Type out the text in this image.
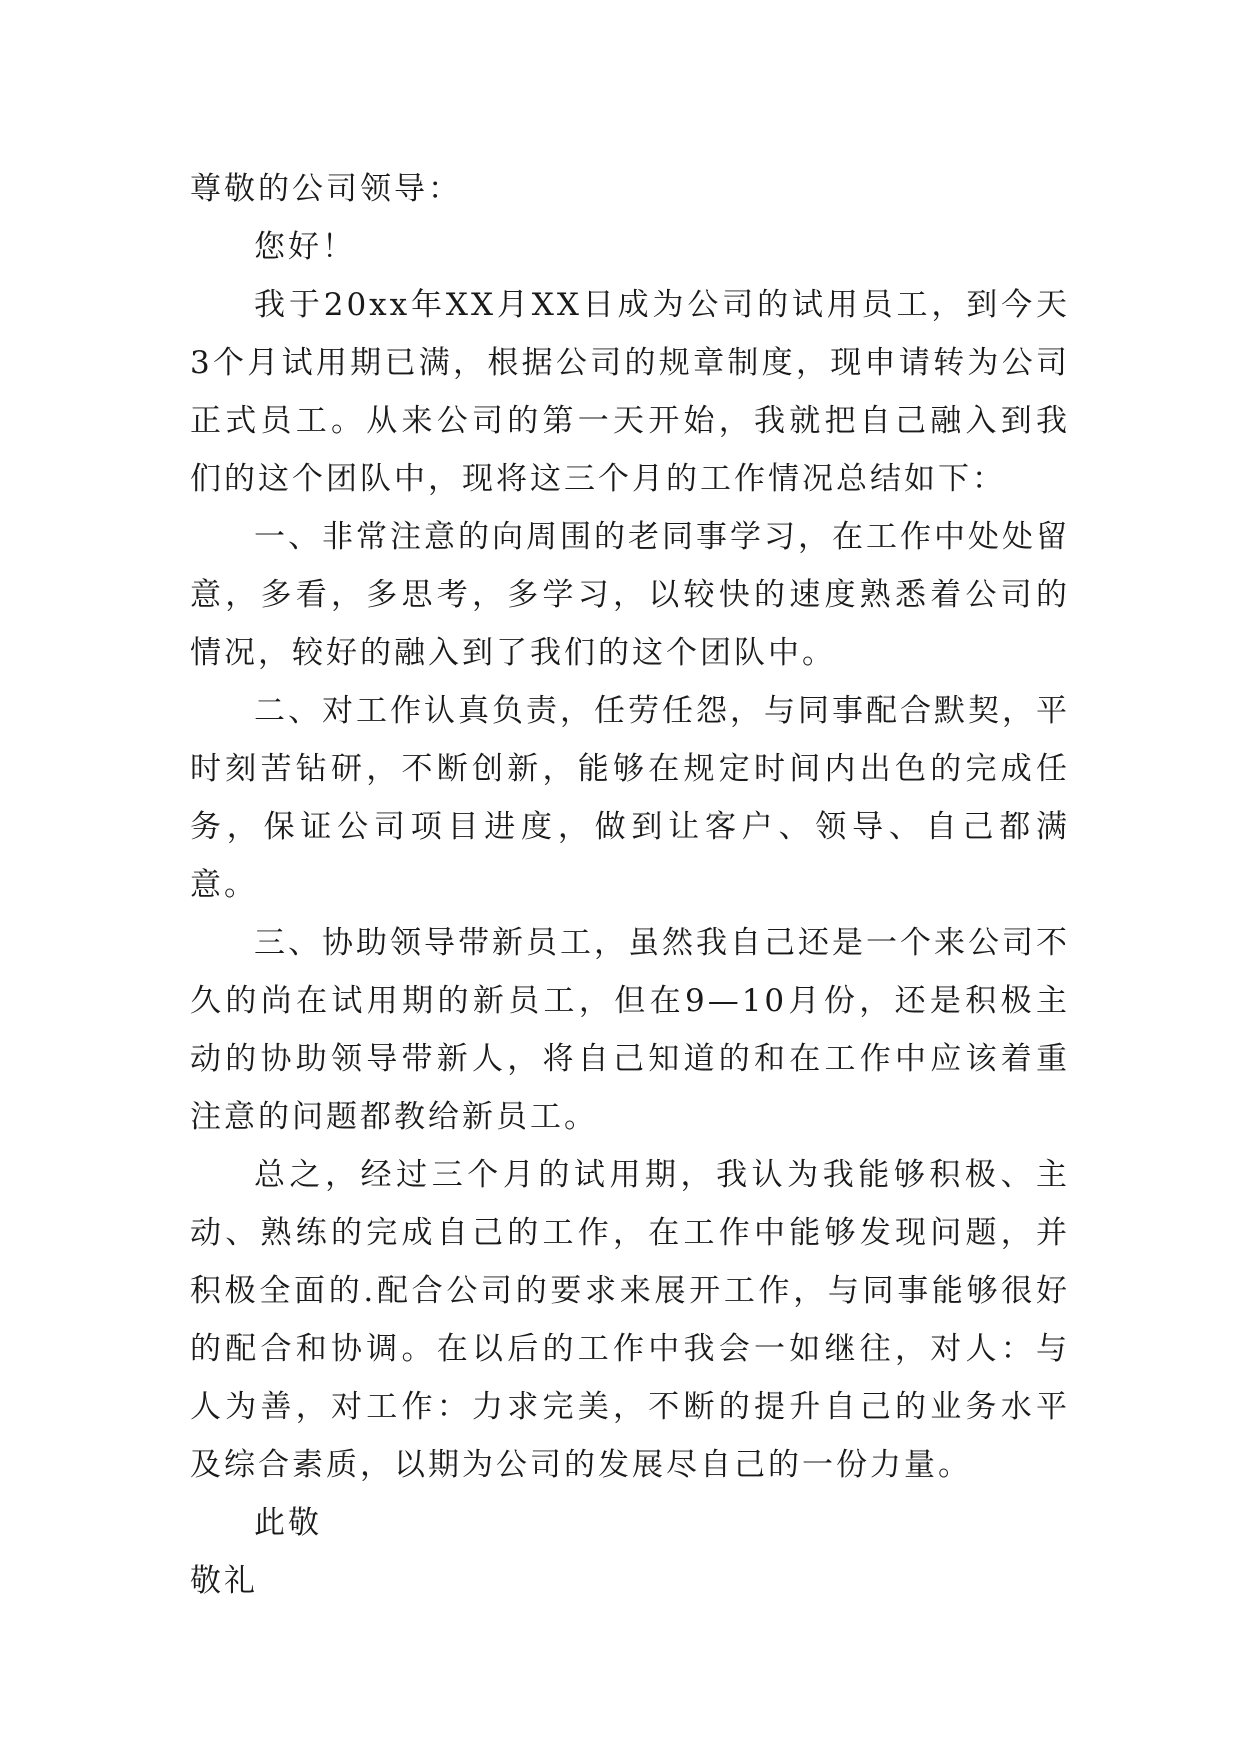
尊敬的公司领导：

您好！

我于20xx年XX月XX日成为公司的试用员工，到今天3个月试用期已满，根据公司的规章制度，现申请转为公司正式员工。从来公司的第一天开始，我就把自己融入到我们的这个团队中，现将这三个月的工作情况总结如下：

一、非常注意的向周围的老同事学习，在工作中处处留意，多看，多思考，多学习，以较快的速度熟悉着公司的情况，较好的融入到了我们的这个团队中。

二、对工作认真负责，任劳任怨，与同事配合默契，平时刻苦钻研，不断创新，能够在规定时间内出色的完成任务，保证公司项目进度，做到让客户、领导、自己都满意。

三、协助领导带新员工，虽然我自己还是一个来公司不久的尚在试用期的新员工，但在9—10月份，还是积极主动的协助领导带新人，将自己知道的和在工作中应该着重注意的问题都教给新员工。

总之，经过三个月的试用期，我认为我能够积极、主动、熟练的完成自己的工作，在工作中能够发现问题，并积极全面的.配合公司的要求来展开工作，与同事能够很好的配合和协调。在以后的工作中我会一如继往，对人：与人为善，对工作：力求完美，不断的提升自己的业务水平及综合素质，以期为公司的发展尽自己的一份力量。

此敬

敬礼
